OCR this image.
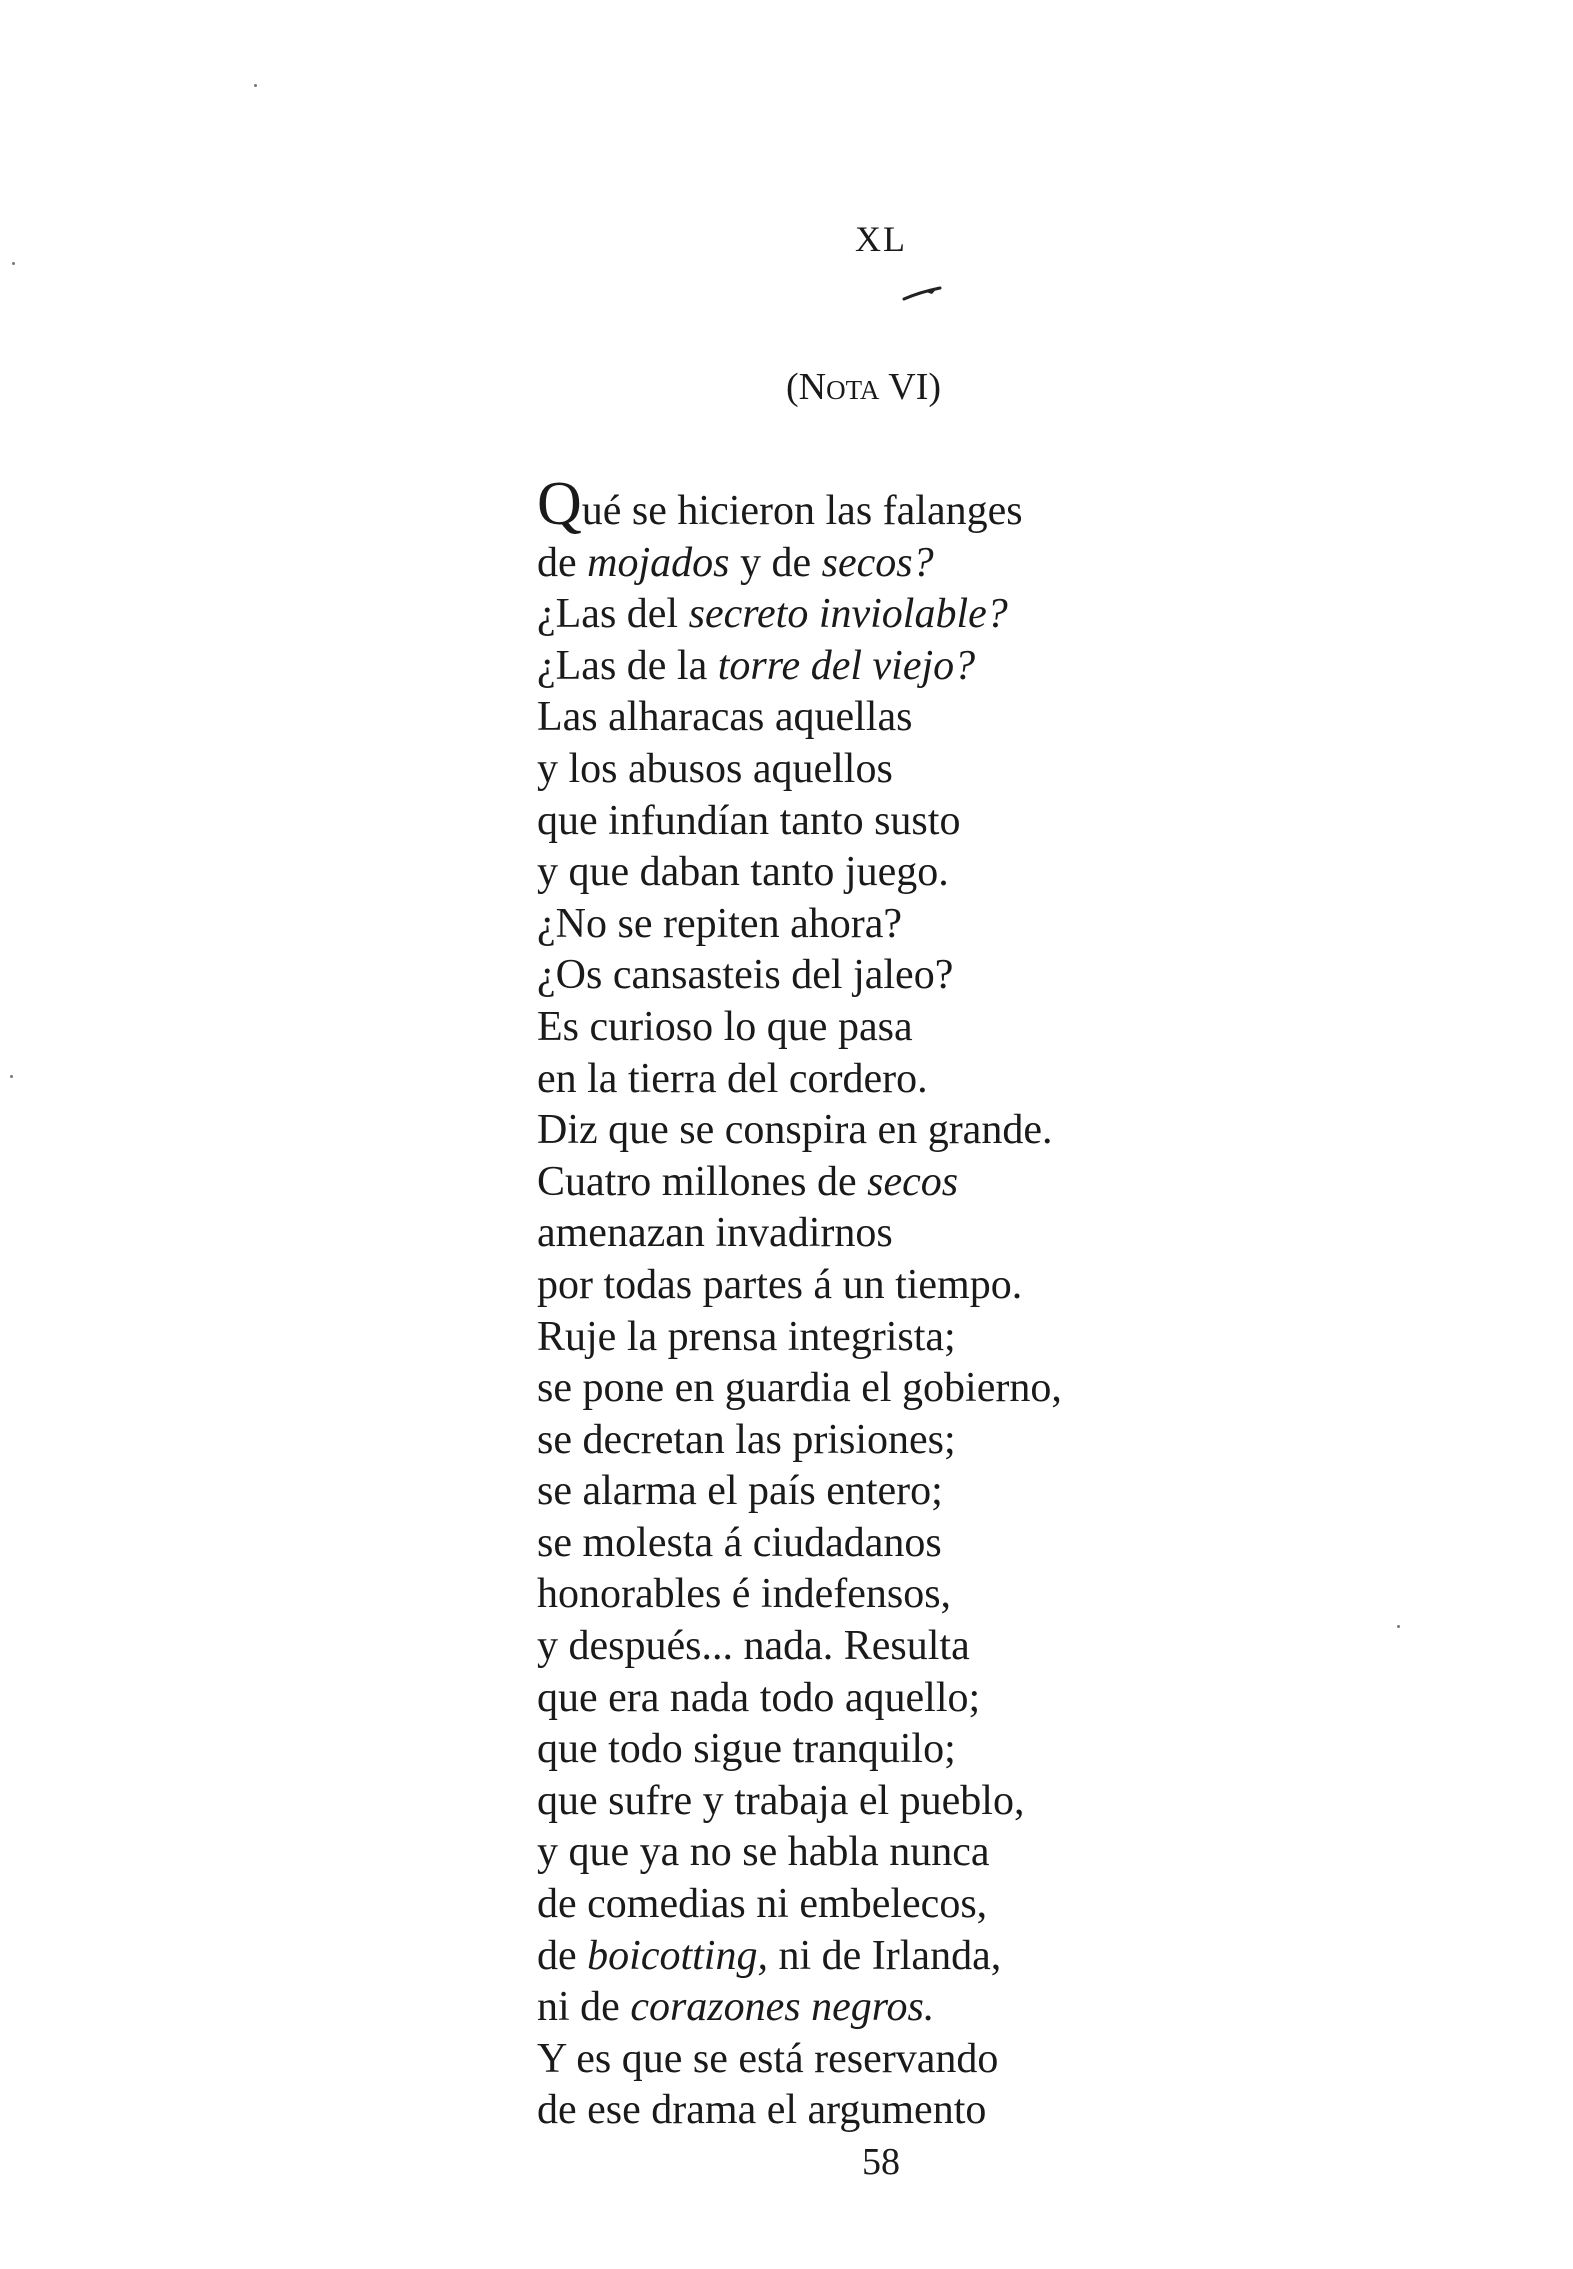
XL
(Nota VI)
Qué se hicieron las falanges
de mojados y de secos?
¿Las del secreto inviolable?
¿Las de la torre del viejo?
Las alharacas aquellas
y los abusos aquellos
que infundían tanto susto
y que daban tanto juego.
¿No se repiten ahora?
¿Os cansasteis del jaleo?
Es curioso lo que pasa
en la tierra del cordero.
Diz que se conspira en grande.
Cuatro millones de secos
amenazan invadirnos
por todas partes á un tiempo.
Ruje la prensa integrista;
se pone en guardia el gobierno,
se decretan las prisiones;
se alarma el país entero;
se molesta á ciudadanos
honorables é indefensos,
y después... nada. Resulta
que era nada todo aquello;
que todo sigue tranquilo;
que sufre y trabaja el pueblo,
y que ya no se habla nunca
de comedias ni embelecos,
de boicotting, ni de Irlanda,
ni de corazones negros.
Y es que se está reservando
de ese drama el argumento
58
